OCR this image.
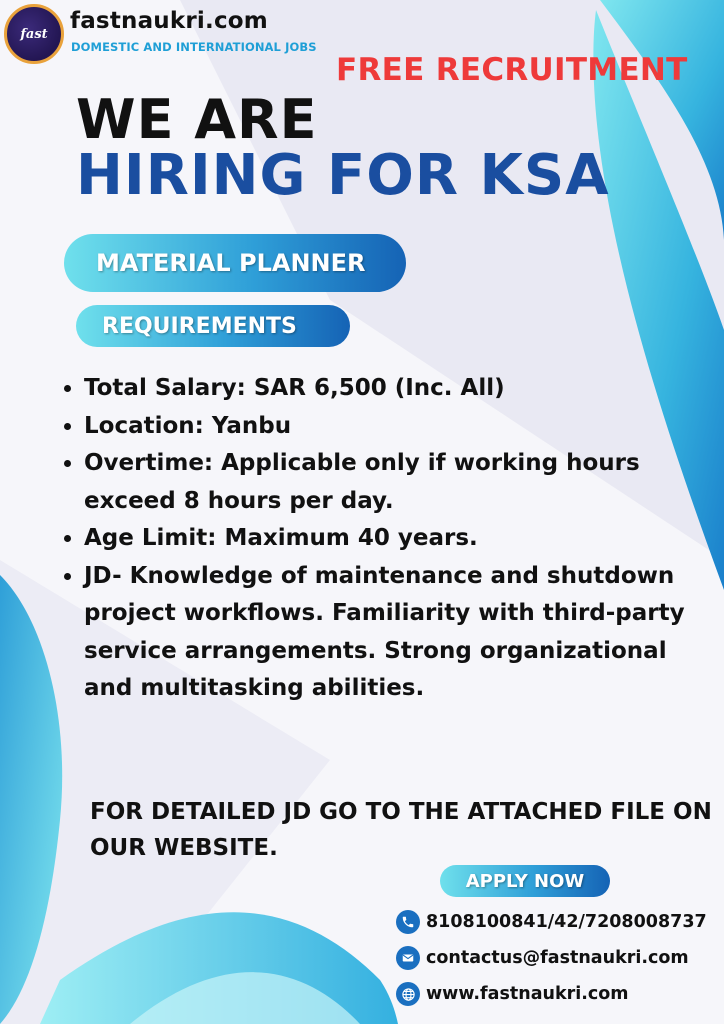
fast fastnaukri.com
DOMESTIC AND INTERNATIONAL JOBS
FREE RECRUITMENT
WE ARE
HIRING FOR KSA
MATERIAL PLANNER
REQUIREMENTS
• Total Salary: SAR 6,500 (Inc. All)
• Location: Yanbu
• Overtime: Applicable only if working hours exceed 8 hours per day.
• Age Limit: Maximum 40 years.
• JD- Knowledge of maintenance and shutdown project workflows. Familiarity with third-party service arrangements. Strong organizational and multitasking abilities.
FOR DETAILED JD GO TO THE ATTACHED FILE ON OUR WEBSITE.
APPLY NOW
8108100841/42/7208008737
contactus@fastnaukri.com
www.fastnaukri.com
